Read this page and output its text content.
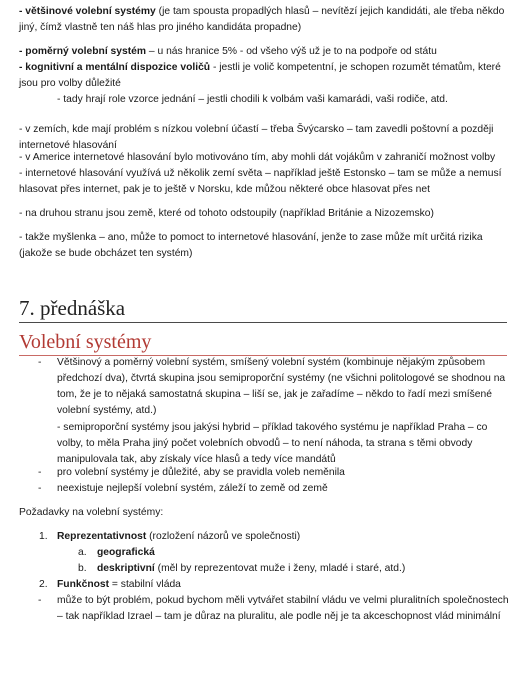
- většinové volební systémy (je tam spousta propadlých hlasů – nevítězí jejich kandidáti, ale třeba někdo jiný, čímž vlastně ten náš hlas pro jiného kandidáta propadne)

- poměrný volební systém – u nás hranice 5% - od všeho výš už je to na podpoře od státu

- kognitivní a mentální dispozice voličů - jestli je volič kompetentní, je schopen rozumět tématům, které jsou pro volby důležité

- tady hrají role vzorce jednání – jestli chodili k volbám vaši kamarádi, vaši rodiče, atd.

- v zemích, kde mají problém s nízkou volební účastí – třeba Švýcarsko – tam zavedli poštovní a později internetové hlasování

- v Americe internetové hlasování bylo motivováno tím, aby mohli dát vojákům v zahraničí možnost volby

- internetové hlasování využívá už několik zemí světa – například ještě Estonsko – tam se může a nemusí hlasovat přes internet, pak je to ještě v Norsku, kde můžou některé obce hlasovat přes net

- na druhou stranu jsou země, které od tohoto odstoupily (například Británie a Nizozemsko)

- takže myšlenka – ano, může to pomoct to internetové hlasování, jenže to zase může mít určitá rizika (jakože se bude obcházet ten systém)

7. přednáška
Volební systémy
- Většinový a poměrný volební systém, smíšený volební systém (kombinuje nějakým způsobem předchozí dva), čtvrtá skupina jsou semiproporční systémy (ne všichni politologové se shodnou na tom, že je to nějaká samostatná skupina – liší se, jak je zařadíme – někdo to řadí mezi smíšené volební systémy, atd.)

- semiproporční systémy jsou jakýsi hybrid – příklad takového systému je například Praha – co volby, to měla Praha jiný počet volebních obvodů – to není náhoda, ta strana s těmi obvody manipulovala tak, aby získaly více hlasů a tedy více mandátů

- pro volební systémy je důležité, aby se pravidla voleb neměnila

- neexistuje nejlepší volební systém, záleží to země od země

Požadavky na volební systémy:

1. Reprezentativnost (rozložení názorů ve společnosti)

a. geografická

b. deskriptivní (měl by reprezentovat muže i ženy, mladé i staré, atd.)

2. Funkčnost = stabilní vláda

- může to být problém, pokud bychom měli vytvářet stabilní vládu ve velmi pluralitních společnostech – tak například Izrael – tam je důraz na pluralitu, ale podle něj je ta akceschopnost vlád minimální
